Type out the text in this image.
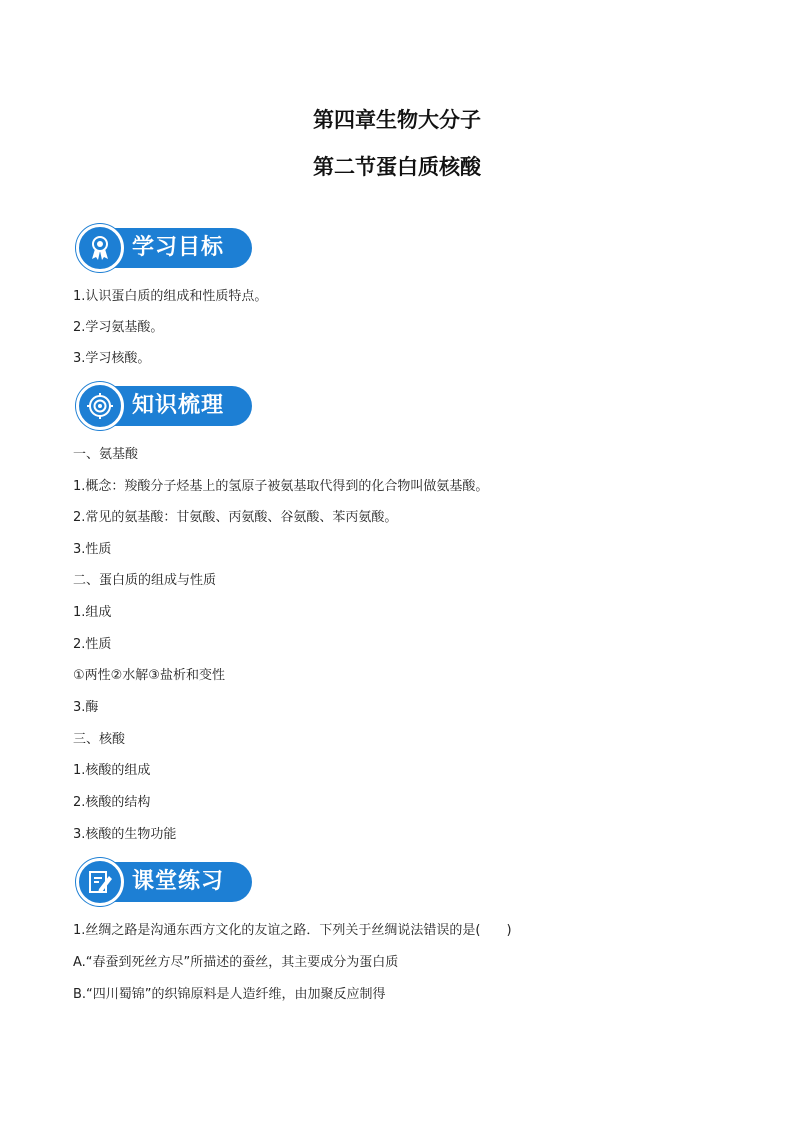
第四章生物大分子
第二节蛋白质核酸
学习目标
1.认识蛋白质的组成和性质特点。
2.学习氨基酸。
3.学习核酸。
知识梳理
一、氨基酸
1.概念：羧酸分子烃基上的氢原子被氨基取代得到的化合物叫做氨基酸。
2.常见的氨基酸：甘氨酸、丙氨酸、谷氨酸、苯丙氨酸。
3.性质
二、蛋白质的组成与性质
1.组成
2.性质
①两性②水解③盐析和变性
3.酶
三、核酸
1.核酸的组成
2.核酸的结构
3.核酸的生物功能
课堂练习
1.丝绸之路是沟通东西方文化的友谊之路．下列关于丝绸说法错误的是(　　)
A.“春蚕到死丝方尽”所描述的蚕丝，其主要成分为蛋白质
B.“四川蜀锦”的织锦原料是人造纤维，由加聚反应制得
